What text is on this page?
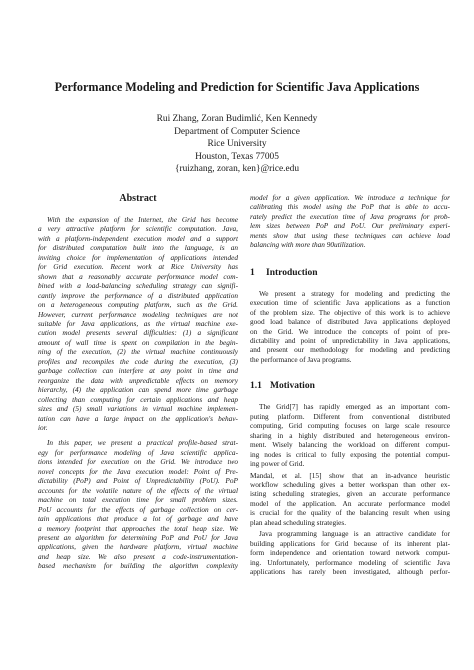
Performance Modeling and Prediction for Scientific Java Applications
Rui Zhang, Zoran Budimlić, Ken Kennedy
Department of Computer Science
Rice University
Houston, Texas 77005
{ruizhang, zoran, ken}@rice.edu
Abstract
With the expansion of the Internet, the Grid has become
a very attractive platform for scientific computation. Java,
with a platform-independent execution model and a support
for distributed computation built into the language, is an
inviting choice for implementation of applications intended
for Grid execution. Recent work at Rice University has
shown that a reasonably accurate performance model com-
bined with a load-balancing scheduling strategy can signifi-
cantly improve the performance of a distributed application
on a heterogeneous computing platform, such as the Grid.
However, current performance modeling techniques are not
suitable for Java applications, as the virtual machine exe-
cution model presents several difficulties: (1) a significant
amount of wall time is spent on compilation in the begin-
ning of the execution, (2) the virtual machine continuously
profiles and recompiles the code during the execution, (3)
garbage collection can interfere at any point in time and
reorganize the data with unpredictable effects on memory
hierarchy, (4) the application can spend more time garbage
collecting than computing for certain applications and heap
sizes and (5) small variations in virtual machine implemen-
tation can have a large impact on the application's behav-
ior.
In this paper, we present a practical profile-based strat-
egy for performance modeling of Java scientific applica-
tions intended for execution on the Grid. We introduce two
novel concepts for the Java execution model: Point of Pre-
dictability (PoP) and Point of Unpredictability (PoU). PoP
accounts for the volatile nature of the effects of the virtual
machine on total execution time for small problem sizes.
PoU accounts for the effects of garbage collection on cer-
tain applications that produce a lot of garbage and have
a memory footprint that approaches the total heap size. We
present an algorithm for determining PoP and PoU for Java
applications, given the hardware platform, virtual machine
and heap size. We also present a code-instrumentation-
based mechanism for building the algorithm complexity
model for a given application. We introduce a technique for
calibrating this model using the PoP that is able to accu-
rately predict the execution time of Java programs for prob-
lem sizes between PoP and PoU. Our preliminary experi-
ments show that using these techniques can achieve load
balancing with more than 90utilization.
1 Introduction
We present a strategy for modeling and predicting the
execution time of scientific Java applications as a function
of the problem size. The objective of this work is to achieve
good load balance of distributed Java applications deployed
on the Grid. We introduce the concepts of point of pre-
dictability and point of unpredictability in Java applications,
and present our methodology for modeling and predicting
the performance of Java programs.
1.1 Motivation
The Grid[7] has rapidly emerged as an important com-
puting platform. Different from conventional distributed
computing, Grid computing focuses on large scale resource
sharing in a highly distributed and heterogeneous environ-
ment. Wisely balancing the workload on different comput-
ing nodes is critical to fully exposing the potential comput-
ing power of Grid.
Mandal, et al. [15] show that an in-advance heuristic
workflow scheduling gives a better workspan than other ex-
isting scheduling strategies, given an accurate performance
model of the application. An accurate performance model
is crucial for the quality of the balancing result when using
plan ahead scheduling strategies.
Java programming language is an attractive candidate for
building applications for Grid because of its inherent plat-
form independence and orientation toward network comput-
ing. Unfortunately, performance modeling of scientific Java
applications has rarely been investigated, although perfor-
